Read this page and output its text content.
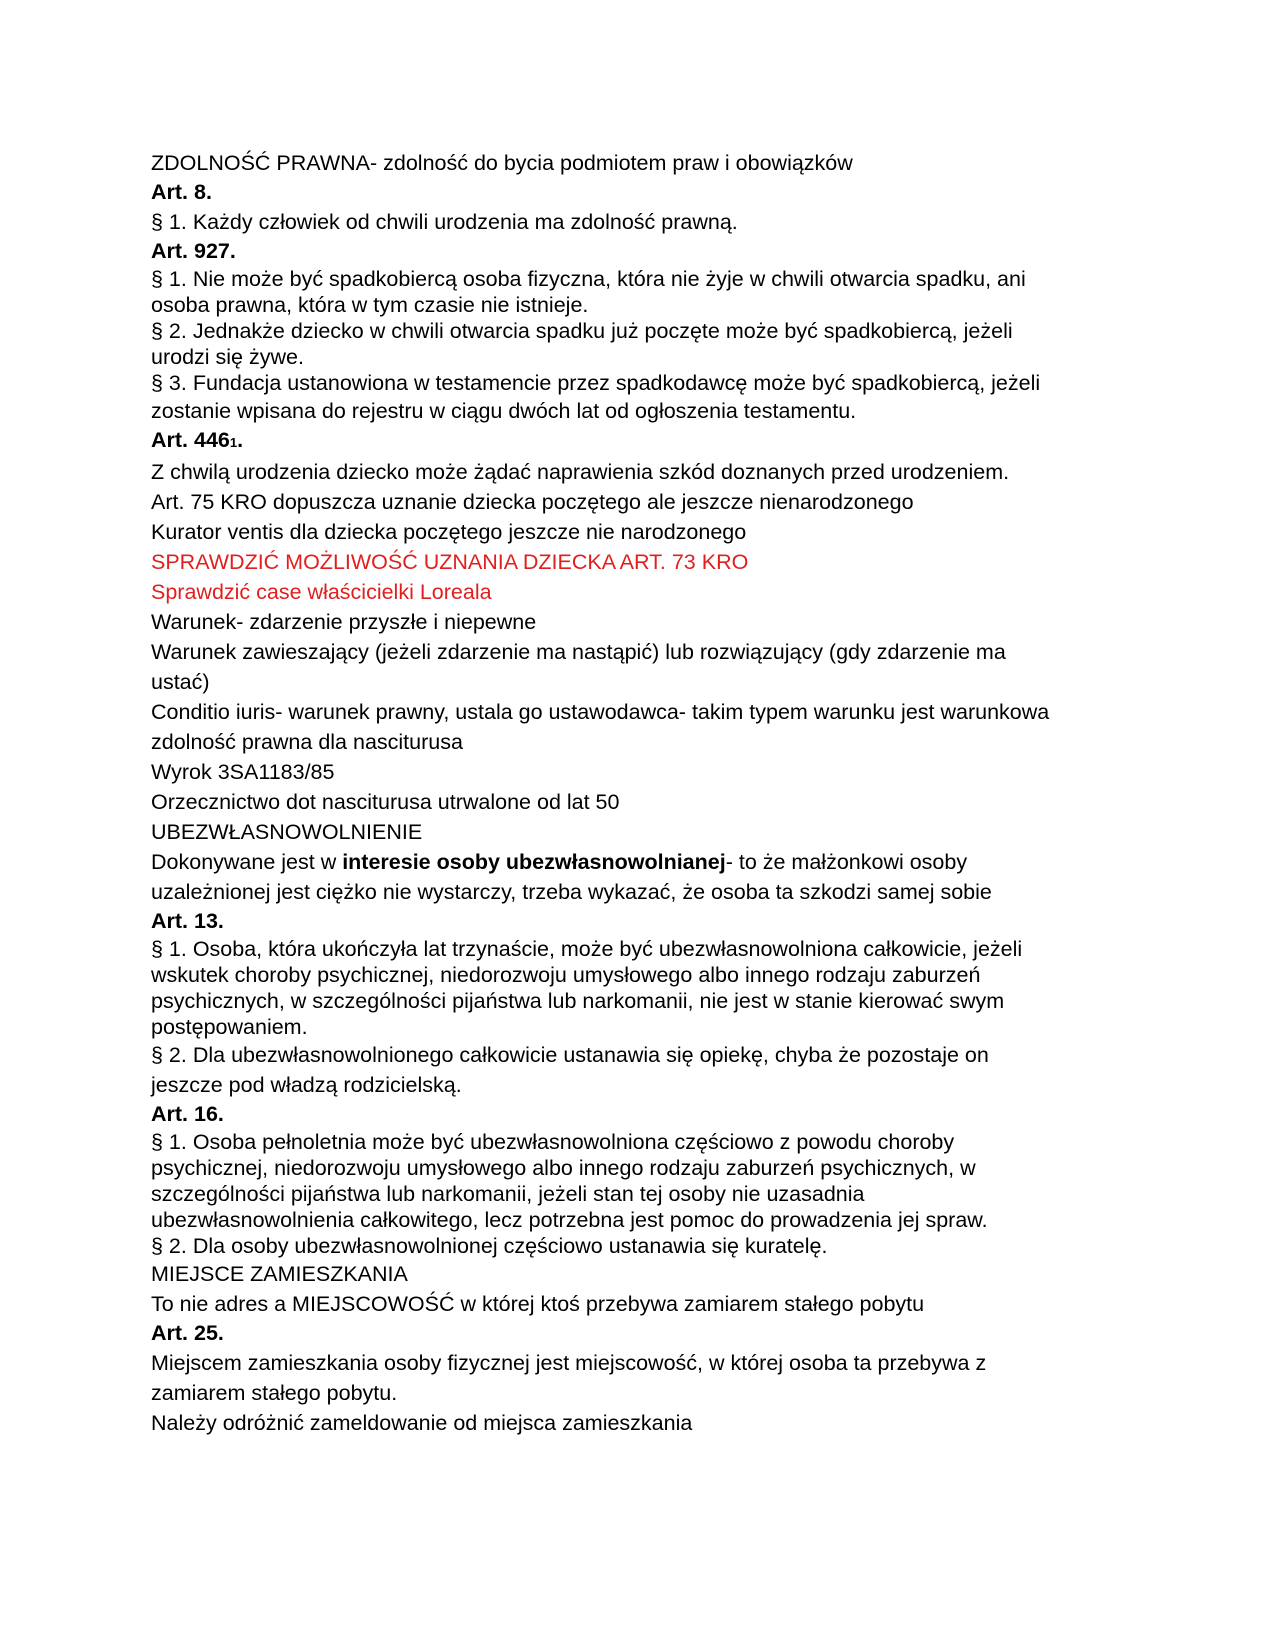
ZDOLNOŚĆ PRAWNA- zdolność do bycia podmiotem praw i obowiązków
Art. 8.
§ 1. Każdy człowiek od chwili urodzenia ma zdolność prawną.
Art. 927.
§ 1. Nie może być spadkobiercą osoba fizyczna, która nie żyje w chwili otwarcia spadku, ani
osoba prawna, która w tym czasie nie istnieje.
§ 2. Jednakże dziecko w chwili otwarcia spadku już poczęte może być spadkobiercą, jeżeli
urodzi się żywe.
§ 3. Fundacja ustanowiona w testamencie przez spadkodawcę może być spadkobiercą, jeżeli
zostanie wpisana do rejestru w ciągu dwóch lat od ogłoszenia testamentu.
Art. 4461.
Z chwilą urodzenia dziecko może żądać naprawienia szkód doznanych przed urodzeniem.
Art. 75 KRO dopuszcza uznanie dziecka poczętego ale jeszcze nienarodzonego
Kurator ventis dla dziecka poczętego jeszcze nie narodzonego
SPRAWDZIĆ MOŻLIWOŚĆ UZNANIA DZIECKA ART. 73 KRO
Sprawdzić case właścicielki Loreala
Warunek- zdarzenie przyszłe i niepewne
Warunek zawieszający (jeżeli zdarzenie ma nastąpić) lub rozwiązujący (gdy zdarzenie ma
ustać)
Conditio iuris- warunek prawny, ustala go ustawodawca- takim typem warunku jest warunkowa
zdolność prawna dla nasciturusa
Wyrok 3SA1183/85
Orzecznictwo dot nasciturusa utrwalone od lat 50
UBEZWŁASNOWOLNIENIE
Dokonywane jest w interesie osoby ubezwłasnowolnianej- to że małżonkowi osoby
uzależnionej jest ciężko nie wystarczy, trzeba wykazać, że osoba ta szkodzi samej sobie
Art. 13.
§ 1. Osoba, która ukończyła lat trzynaście, może być ubezwłasnowolniona całkowicie, jeżeli
wskutek choroby psychicznej, niedorozwoju umysłowego albo innego rodzaju zaburzeń
psychicznych, w szczególności pijaństwa lub narkomanii, nie jest w stanie kierować swym
postępowaniem.
§ 2. Dla ubezwłasnowolnionego całkowicie ustanawia się opiekę, chyba że pozostaje on
jeszcze pod władzą rodzicielską.
Art. 16.
§ 1. Osoba pełnoletnia może być ubezwłasnowolniona częściowo z powodu choroby
psychicznej, niedorozwoju umysłowego albo innego rodzaju zaburzeń psychicznych, w
szczególności pijaństwa lub narkomanii, jeżeli stan tej osoby nie uzasadnia
ubezwłasnowolnienia całkowitego, lecz potrzebna jest pomoc do prowadzenia jej spraw.
§ 2. Dla osoby ubezwłasnowolnionej częściowo ustanawia się kuratelę.
MIEJSCE ZAMIESZKANIA
To nie adres a MIEJSCOWOŚĆ w której ktoś przebywa zamiarem stałego pobytu
Art. 25.
Miejscem zamieszkania osoby fizycznej jest miejscowość, w której osoba ta przebywa z
zamiarem stałego pobytu.
Należy odróżnić zameldowanie od miejsca zamieszkania
